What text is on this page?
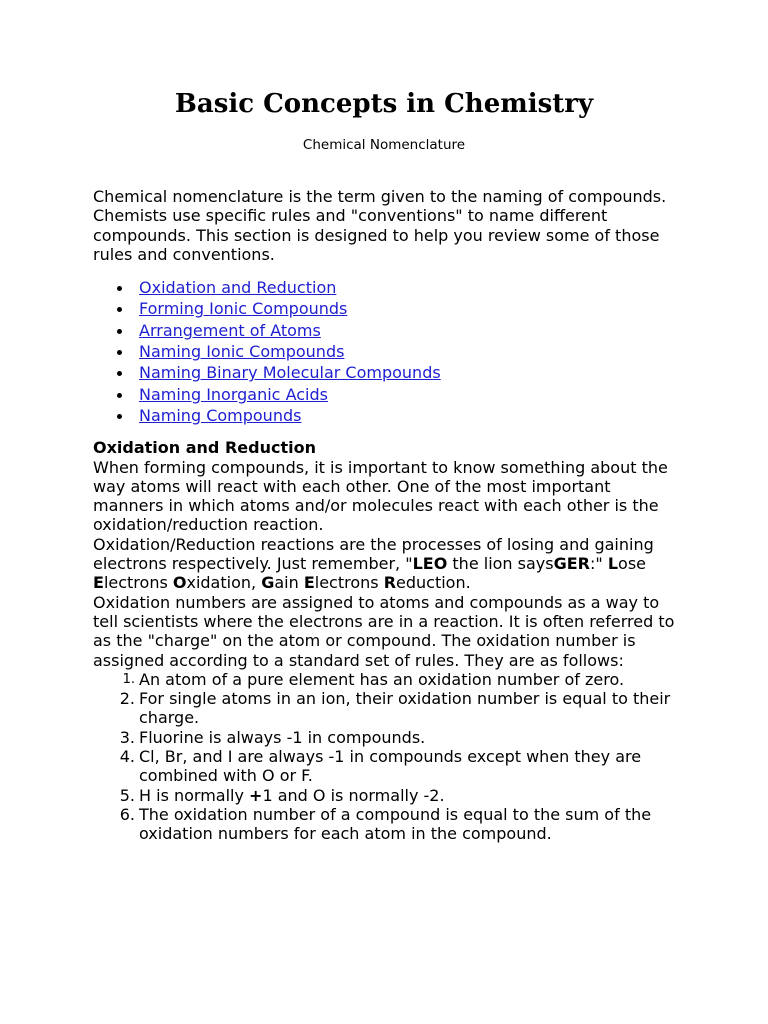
Basic Concepts in Chemistry
Chemical Nomenclature

Chemical nomenclature is the term given to the naming of compounds. Chemists use specific rules and "conventions" to name different compounds. This section is designed to help you review some of those rules and conventions.

Oxidation and Reduction
Forming Ionic Compounds
Arrangement of Atoms
Naming Ionic Compounds
Naming Binary Molecular Compounds
Naming Inorganic Acids
Naming Compounds

Oxidation and Reduction

When forming compounds, it is important to know something about the way atoms will react with each other. One of the most important manners in which atoms and/or molecules react with each other is the oxidation/reduction reaction.

Oxidation/Reduction reactions are the processes of losing and gaining electrons respectively. Just remember, "LEO the lion saysGER:" Lose Electrons Oxidation, Gain Electrons Reduction.

Oxidation numbers are assigned to atoms and compounds as a way to tell scientists where the electrons are in a reaction. It is often referred to as the "charge" on the atom or compound. The oxidation number is assigned according to a standard set of rules. They are as follows:

1. An atom of a pure element has an oxidation number of zero.
2. For single atoms in an ion, their oxidation number is equal to their charge.
3. Fluorine is always -1 in compounds.
4. Cl, Br, and I are always -1 in compounds except when they are combined with O or F.
5. H is normally +1 and O is normally -2.
6. The oxidation number of a compound is equal to the sum of the oxidation numbers for each atom in the compound.
